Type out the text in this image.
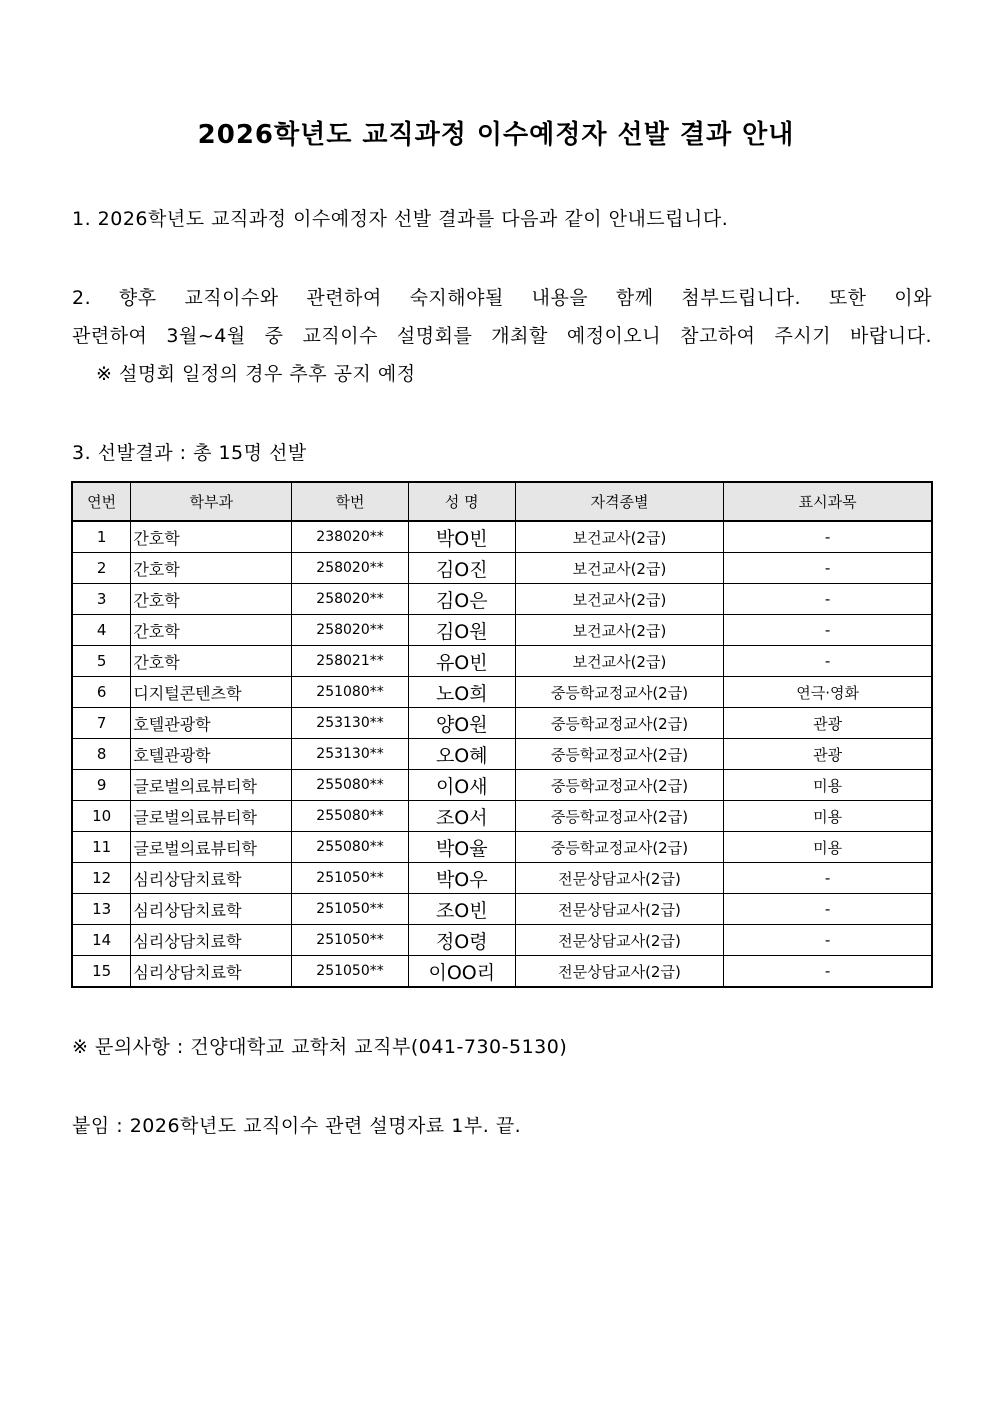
2026학년도 교직과정 이수예정자 선발 결과 안내
1. 2026학년도 교직과정 이수예정자 선발 결과를 다음과 같이 안내드립니다.
2. 향후 교직이수와 관련하여 숙지해야될 내용을 함께 첨부드립니다. 또한 이와
관련하여 3월~4월 중 교직이수 설명회를 개최할 예정이오니 참고하여 주시기 바랍니다.
※ 설명회 일정의 경우 추후 공지 예정
3. 선발결과 : 총 15명 선발
연번	학부과	학번	성 명	자격종별	표시과목
1	간호학	238020**	박O빈	보건교사(2급)	-
2	간호학	258020**	김O진	보건교사(2급)	-
3	간호학	258020**	김O은	보건교사(2급)	-
4	간호학	258020**	김O원	보건교사(2급)	-
5	간호학	258021**	유O빈	보건교사(2급)	-
6	디지털콘텐츠학	251080**	노O희	중등학교정교사(2급)	연극·영화
7	호텔관광학	253130**	양O원	중등학교정교사(2급)	관광
8	호텔관광학	253130**	오O혜	중등학교정교사(2급)	관광
9	글로벌의료뷰티학	255080**	이O새	중등학교정교사(2급)	미용
10	글로벌의료뷰티학	255080**	조O서	중등학교정교사(2급)	미용
11	글로벌의료뷰티학	255080**	박O율	중등학교정교사(2급)	미용
12	심리상담치료학	251050**	박O우	전문상담교사(2급)	-
13	심리상담치료학	251050**	조O빈	전문상담교사(2급)	-
14	심리상담치료학	251050**	정O령	전문상담교사(2급)	-
15	심리상담치료학	251050**	이OO리	전문상담교사(2급)	-
※ 문의사항 : 건양대학교 교학처 교직부(041-730-5130)
붙임 : 2026학년도 교직이수 관련 설명자료 1부. 끝.
